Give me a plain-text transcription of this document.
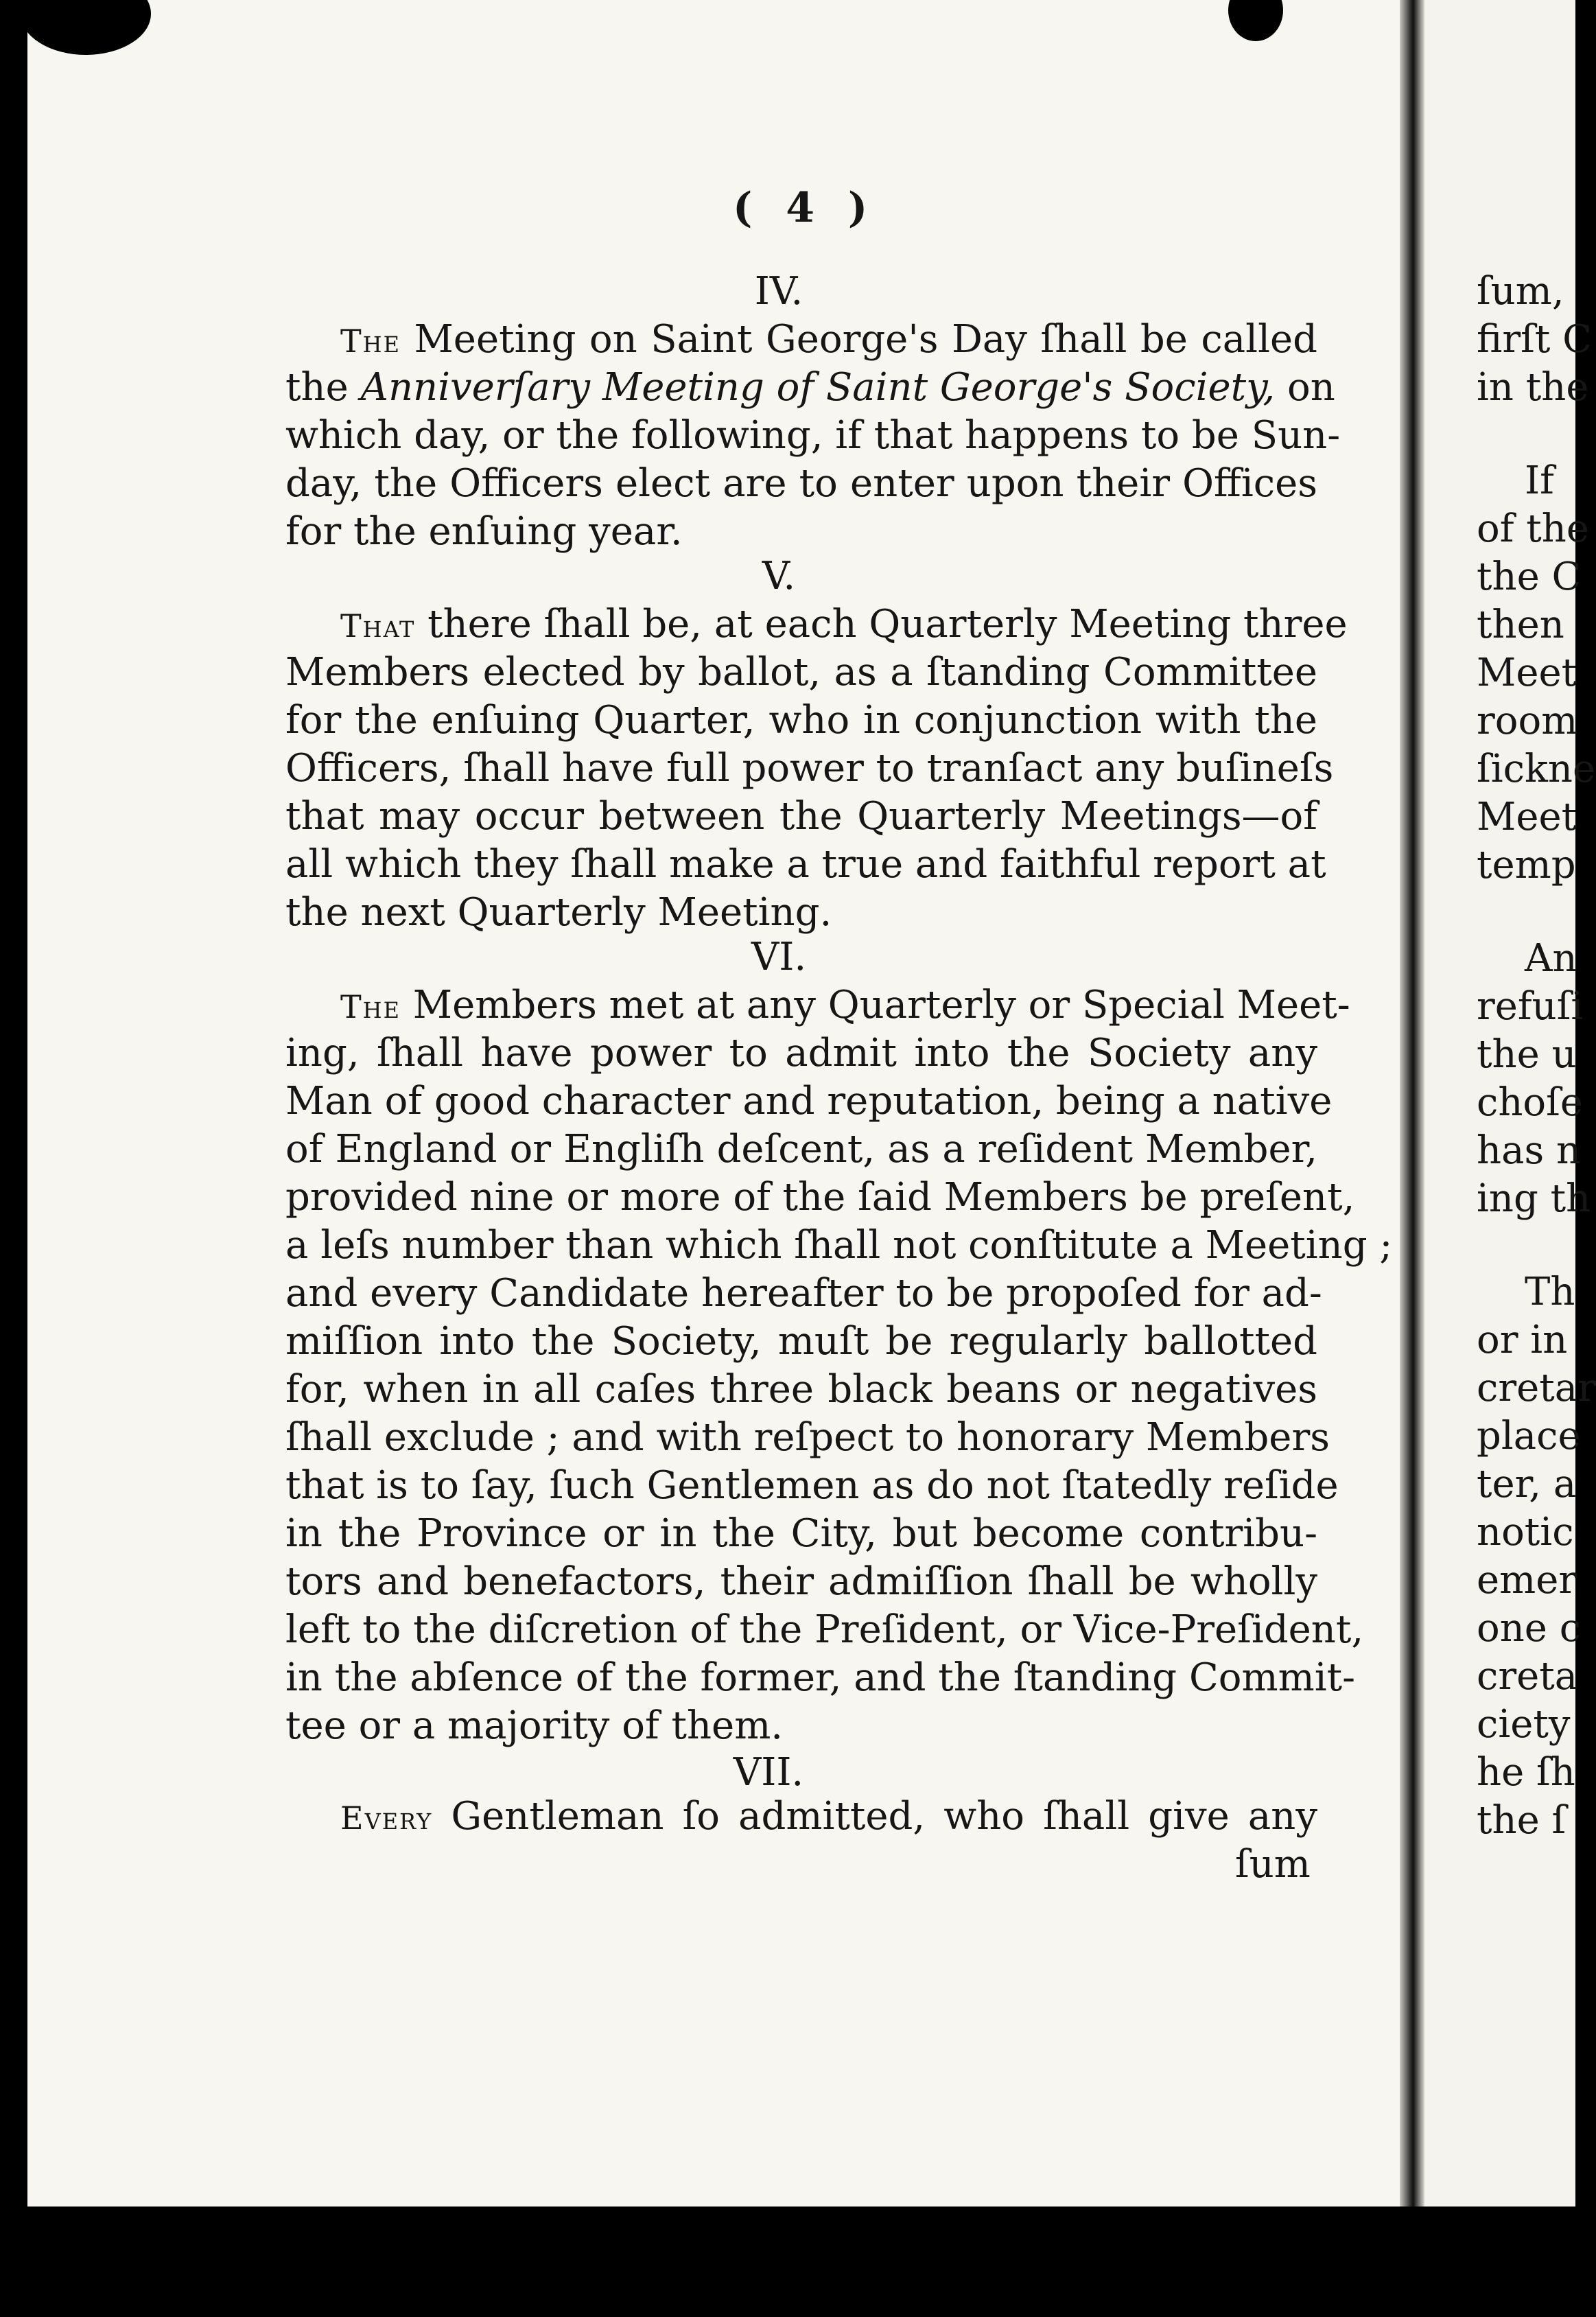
( 4 )
IV.
The Meeting on Saint George's Day ſhall be called
the Anniverſary Meeting of Saint George's Society, on
which day, or the following, if that happens to be Sun-
day, the Officers elect are to enter upon their Offices
for the enſuing year.
V.
That there ſhall be, at each Quarterly Meeting three
Members elected by ballot, as a ſtanding Committee
for the enſuing Quarter, who in conjunction with the
Officers, ſhall have full power to tranſact any buſineſs
that may occur between the Quarterly Meetings—of
all which they ſhall make a true and faithful report at
the next Quarterly Meeting.
VI.
The Members met at any Quarterly or Special Meet-
ing, ſhall have power to admit into the Society any
Man of good character and reputation, being a native
of England or Engliſh deſcent, as a reſident Member,
provided nine or more of the ſaid Members be preſent,
a leſs number than which ſhall not conſtitute a Meeting ;
and every Candidate hereafter to be propoſed for ad-
miſſion into the Society, muſt be regularly ballotted
for, when in all caſes three black beans or negatives
ſhall exclude ; and with reſpect to honorary Members
that is to ſay, ſuch Gentlemen as do not ſtatedly reſide
in the Province or in the City, but become contribu-
tors and benefactors, their admiſſion ſhall be wholly
left to the diſcretion of the Preſident, or Vice-Preſident,
in the abſence of the former, and the ſtanding Commit-
tee or a majority of them.
VII.
Every Gentleman ſo admitted, who ſhall give any
ſum
ſum,
firſt C
in the
If
of the
the C
then
Meet
room
ſickne
Meet
temp
An
refuſi
the u
choſe
has n
ing th
Th
or in
cretar
place
ter, a
notic
emer
one c
creta
ciety
he ſh
the ſ
